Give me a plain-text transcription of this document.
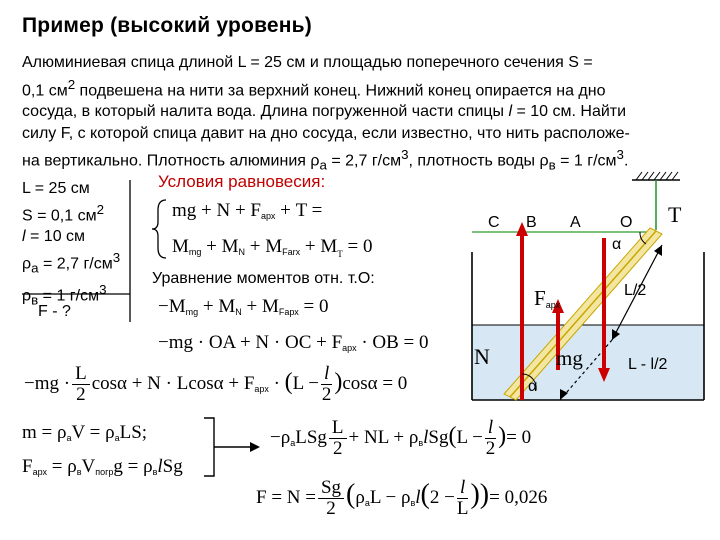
Пример (высокий уровень)

Алюминиевая спица длиной L = 25 см и площадью поперечного сечения S =

0,1 $см^2$ подвешена на нити за верхний конец. Нижний конец опирается на дно

сосуда, в который налита вода. Длина погруженной части спицы l = 10 см. Найти

силу F, с которой спица давит на дно сосуда, если известно, что нить расположе-

на вертикально. Плотность алюминия $\rho_а = 2,7$ $г/см^3$, плотность воды $\rho_в = 1$ $г/см^3$.

L = 25 см
S = 0,1 $см^2$
l = 10 см
$\rho_а = 2,7$ $г/см^3$
$\rho_в = 1$ $г/см^3$
F - ?
Условия равновесия:
Уравнение моментов отн. т.О:
mg + $N + F_{арх} + T$ =
$M_{mg} + M_N + M_{Farx} + M_T = 0$
$-M_{mg} + M_N + M_{Fарх} = 0$
−mg · OA + N · OC + $F_{арх}$ · OB = 0
$-mg \cdot \frac{L}{2}$ $\cos\alpha + N \cdot Lcos\alpha + F_{арх} \cdot (L - \frac{l}{2} )\cos\alpha = 0$
$m = \rho_аV = \rho_аLS$;
$F_{арх} = \rho_вV_{погр}g = \rho_вlSg$
$-\rho_аLSg \frac{L}{2}$ + NL + $\rho_вlSg(L - \frac{l}{2}$ )= 0
$F = N = \frac{Sg}{2} (\rho_аL - \rho_вl(2 - \frac{l}{L}$ ))= 0,026
C B A O T
α
L/2
L - l/2
N
$F_{арх}$
mg
α
